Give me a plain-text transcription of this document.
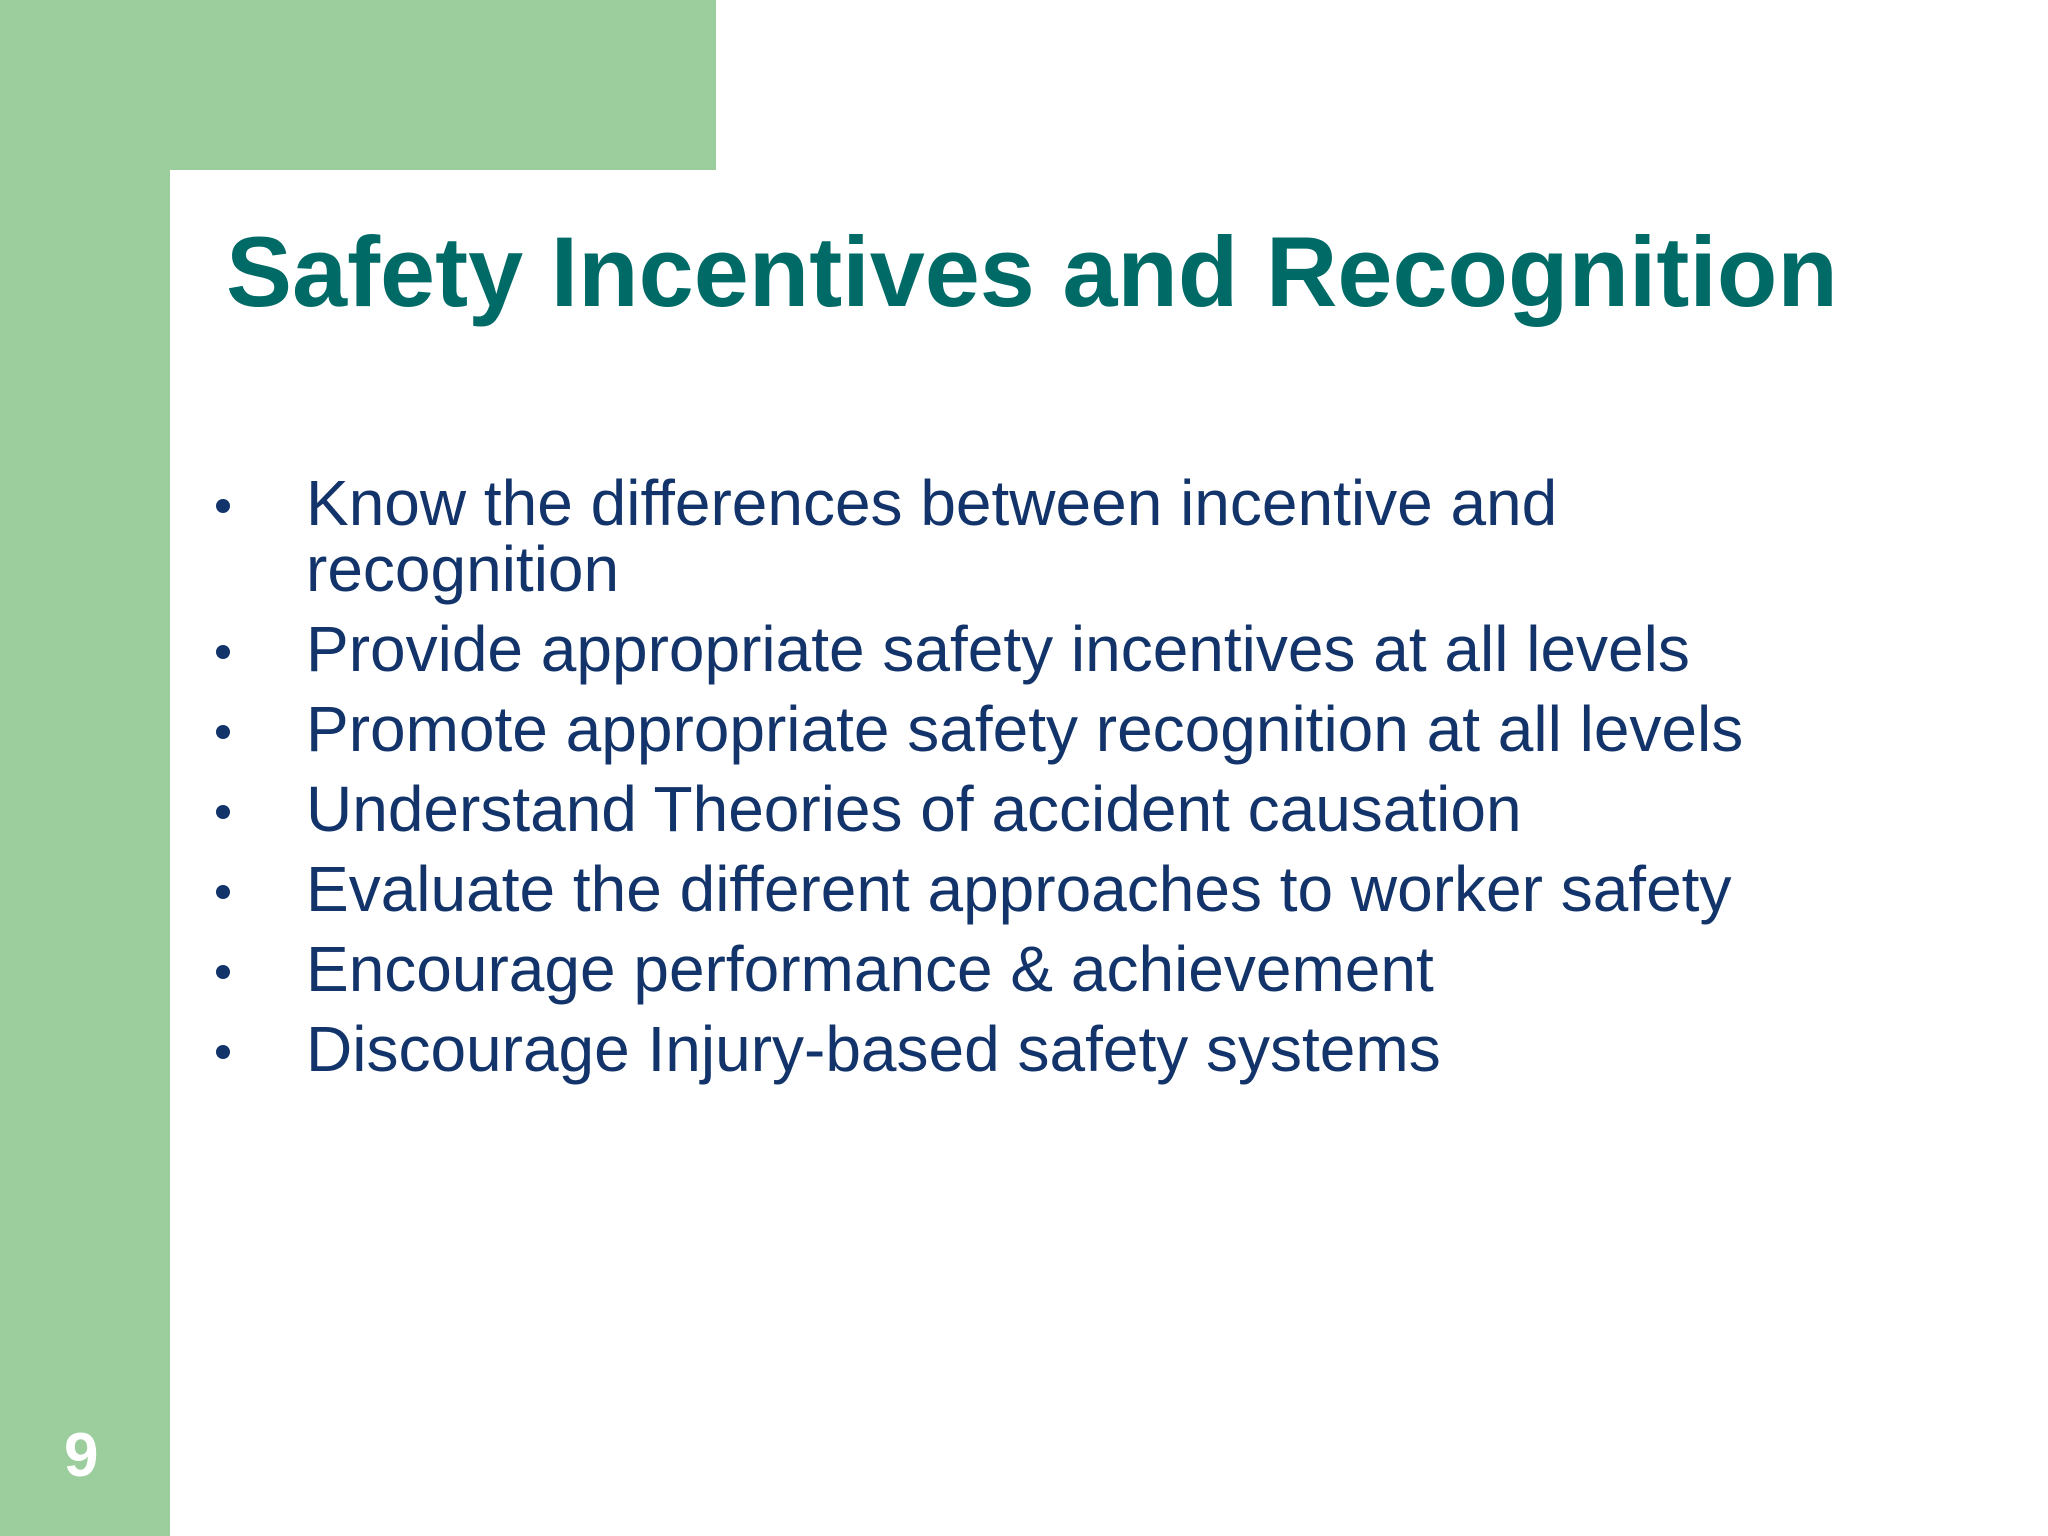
Safety Incentives and Recognition
Know the differences between incentive and recognition
Provide appropriate safety incentives at all levels
Promote appropriate safety recognition at all levels
Understand Theories of accident causation
Evaluate the different approaches to worker safety
Encourage performance & achievement
Discourage Injury-based safety systems
9
